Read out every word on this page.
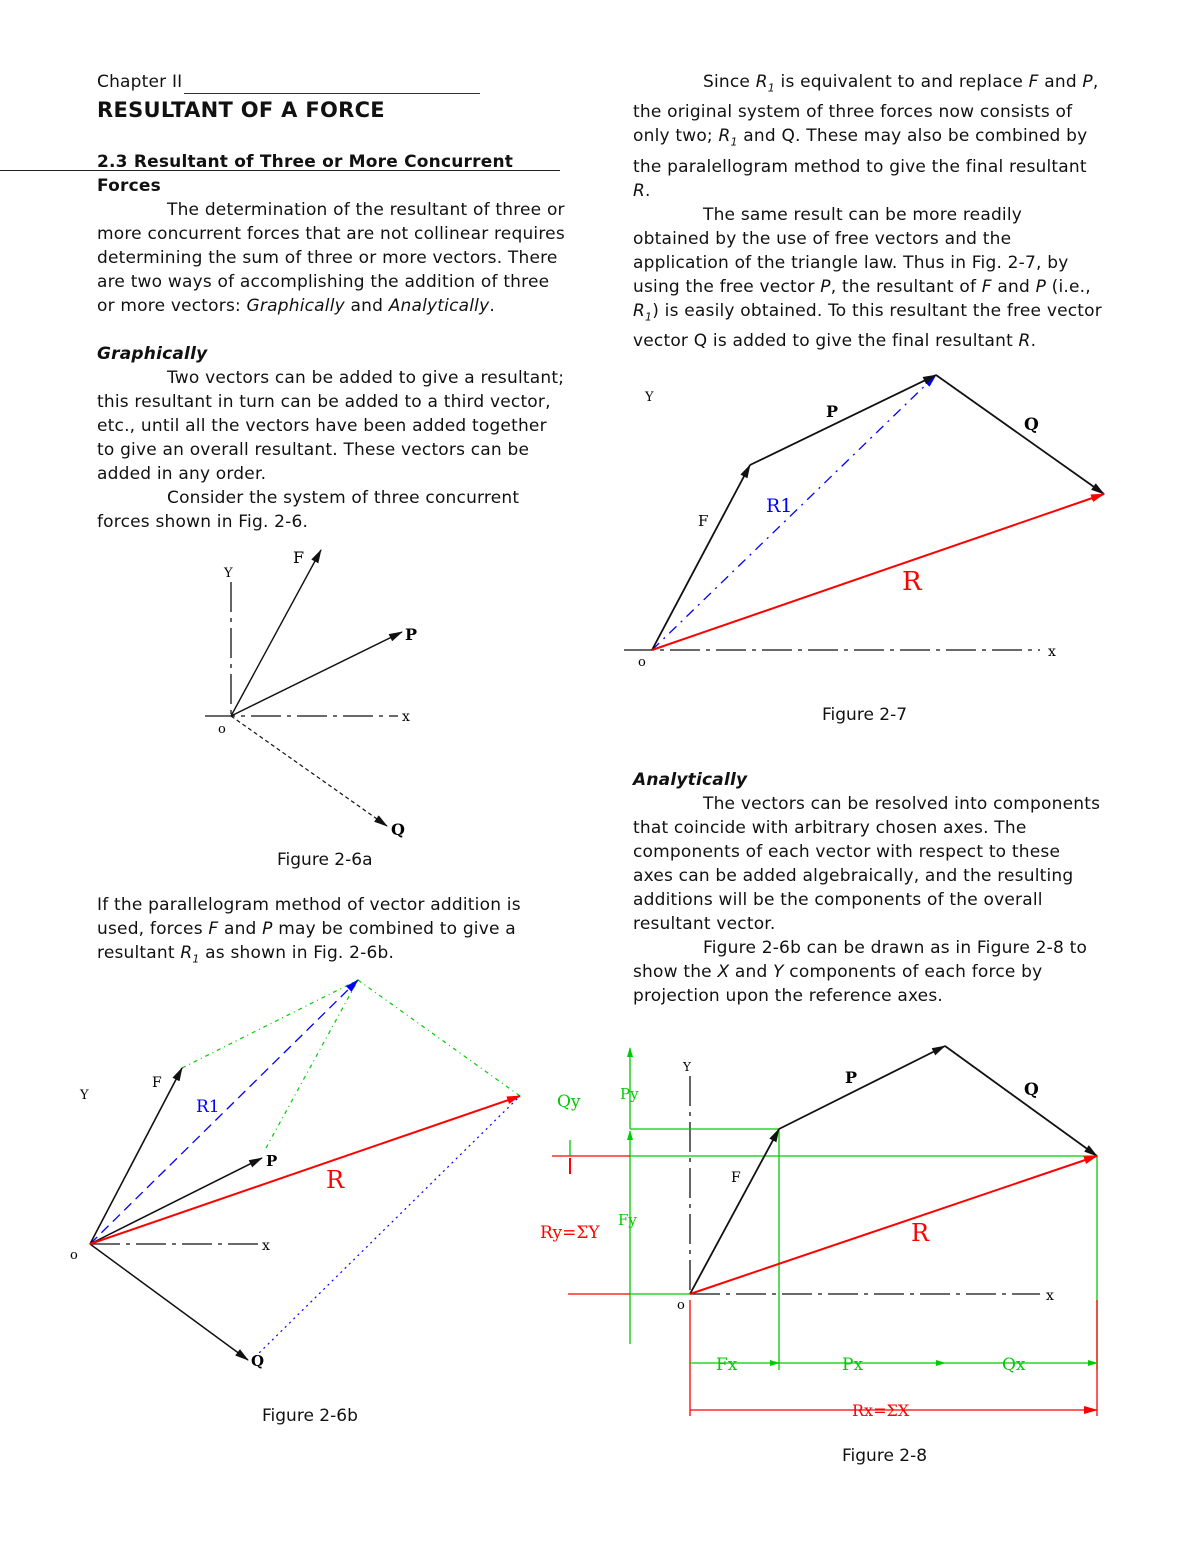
Chapter II
RESULTANT OF A FORCE
2.3 Resultant of Three or More Concurrent Forces

The determination of the resultant of three or more concurrent forces that are not collinear requires determining the sum of three or more vectors. There are two ways of accomplishing the addition of three or more vectors: Graphically and Analytically.

Graphically

Two vectors can be added to give a resultant; this resultant in turn can be added to a third vector, etc., until all the vectors have been added together to give an overall resultant. These vectors can be added in any order.

Consider the system of three concurrent forces shown in Fig. 2-6.

If the parallelogram method of vector addition is used, forces F and P may be combined to give a resultant $R_1$ as shown in Fig. 2-6b.

Since $R_1$ is equivalent to and replace F and P, the original system of three forces now consists of only two; $R_1$ and Q. These may also be combined by the paralellogram method to give the final resultant R.

The same result can be more readily obtained by the use of free vectors and the application of the triangle law. Thus in Fig. 2-7, by using the free vector P, the resultant of F and P (i.e., $R_1$) is easily obtained. To this resultant the free vector vector Q is added to give the final resultant R.

Analytically

The vectors can be resolved into components that coincide with arbitrary chosen axes. The components of each vector with respect to these axes can be added algebraically, and the resulting additions will be the components of the overall resultant vector.

Figure 2-6b can be drawn as in Figure 2-8 to show the X and Y components of each force by projection upon the reference axes.

Y
x
o
F
P
Q
Figure 2-6a
Y
x
o
F
P
Q
R1
R
Figure 2-6b
Y
x
o
F
P
Q
R1
R
Figure 2-7
Y
x
o
F
P
Q
R
Qy	Py
Fy
Ry=ΣY
Fx	Px	Qx
Rx=ΣX
Figure 2-8
